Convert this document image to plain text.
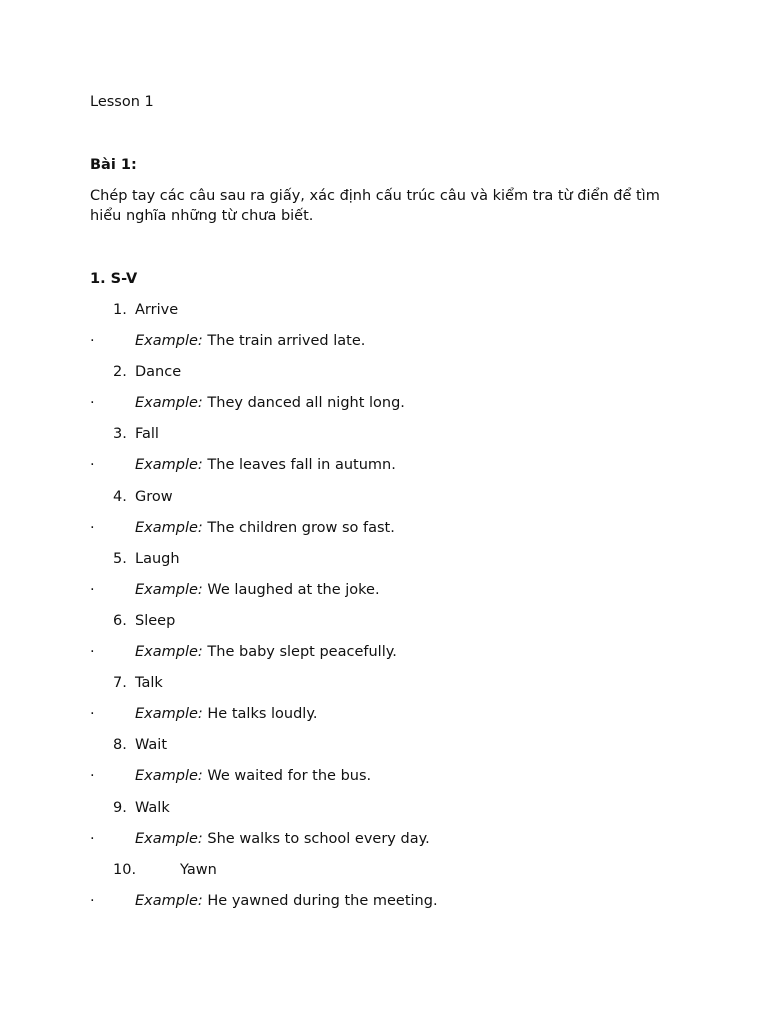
Lesson 1
Bài 1:
Chép tay các câu sau ra giấy, xác định cấu trúc câu và kiểm tra từ điển để tìm hiểu nghĩa những từ chưa biết.
1. S-V
1. Arrive
·	Example: The train arrived late.
2. Dance
·	Example: They danced all night long.
3. Fall
·	Example: The leaves fall in autumn.
4. Grow
·	Example: The children grow so fast.
5. Laugh
·	Example: We laughed at the joke.
6. Sleep
·	Example: The baby slept peacefully.
7. Talk
·	Example: He talks loudly.
8. Wait
·	Example: We waited for the bus.
9. Walk
·	Example: She walks to school every day.
10.	Yawn
·	Example: He yawned during the meeting.
